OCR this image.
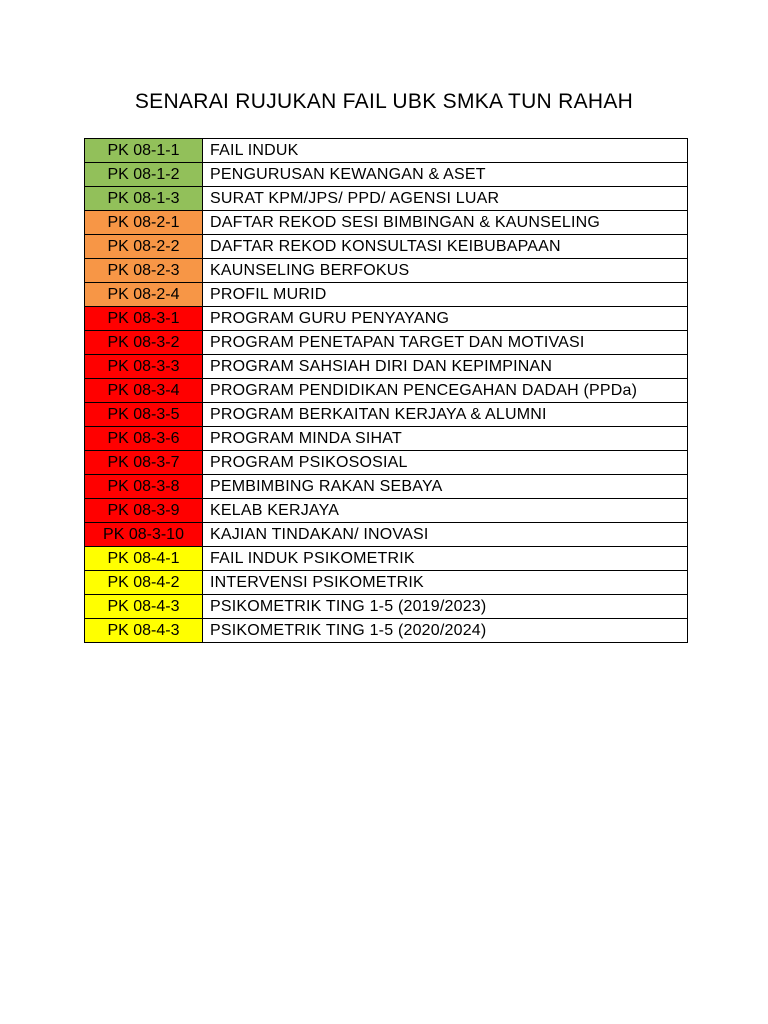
SENARAI RUJUKAN FAIL UBK SMKA TUN RAHAH
PK 08-1-1	FAIL INDUK
PK 08-1-2	PENGURUSAN KEWANGAN & ASET
PK 08-1-3	SURAT KPM/JPS/ PPD/ AGENSI LUAR
PK 08-2-1	DAFTAR REKOD SESI BIMBINGAN & KAUNSELING
PK 08-2-2	DAFTAR REKOD KONSULTASI KEIBUBAPAAN
PK 08-2-3	KAUNSELING BERFOKUS
PK 08-2-4	PROFIL MURID
PK 08-3-1	PROGRAM GURU PENYAYANG
PK 08-3-2	PROGRAM PENETAPAN TARGET DAN MOTIVASI
PK 08-3-3	PROGRAM SAHSIAH DIRI DAN KEPIMPINAN
PK 08-3-4	PROGRAM PENDIDIKAN PENCEGAHAN DADAH (PPDa)
PK 08-3-5	PROGRAM BERKAITAN KERJAYA & ALUMNI
PK 08-3-6	PROGRAM MINDA SIHAT
PK 08-3-7	PROGRAM PSIKOSOSIAL
PK 08-3-8	PEMBIMBING RAKAN SEBAYA
PK 08-3-9	KELAB KERJAYA
PK 08-3-10	KAJIAN TINDAKAN/ INOVASI
PK 08-4-1	FAIL INDUK PSIKOMETRIK
PK 08-4-2	INTERVENSI PSIKOMETRIK
PK 08-4-3	PSIKOMETRIK TING 1-5 (2019/2023)
PK 08-4-3	PSIKOMETRIK TING 1-5 (2020/2024)
